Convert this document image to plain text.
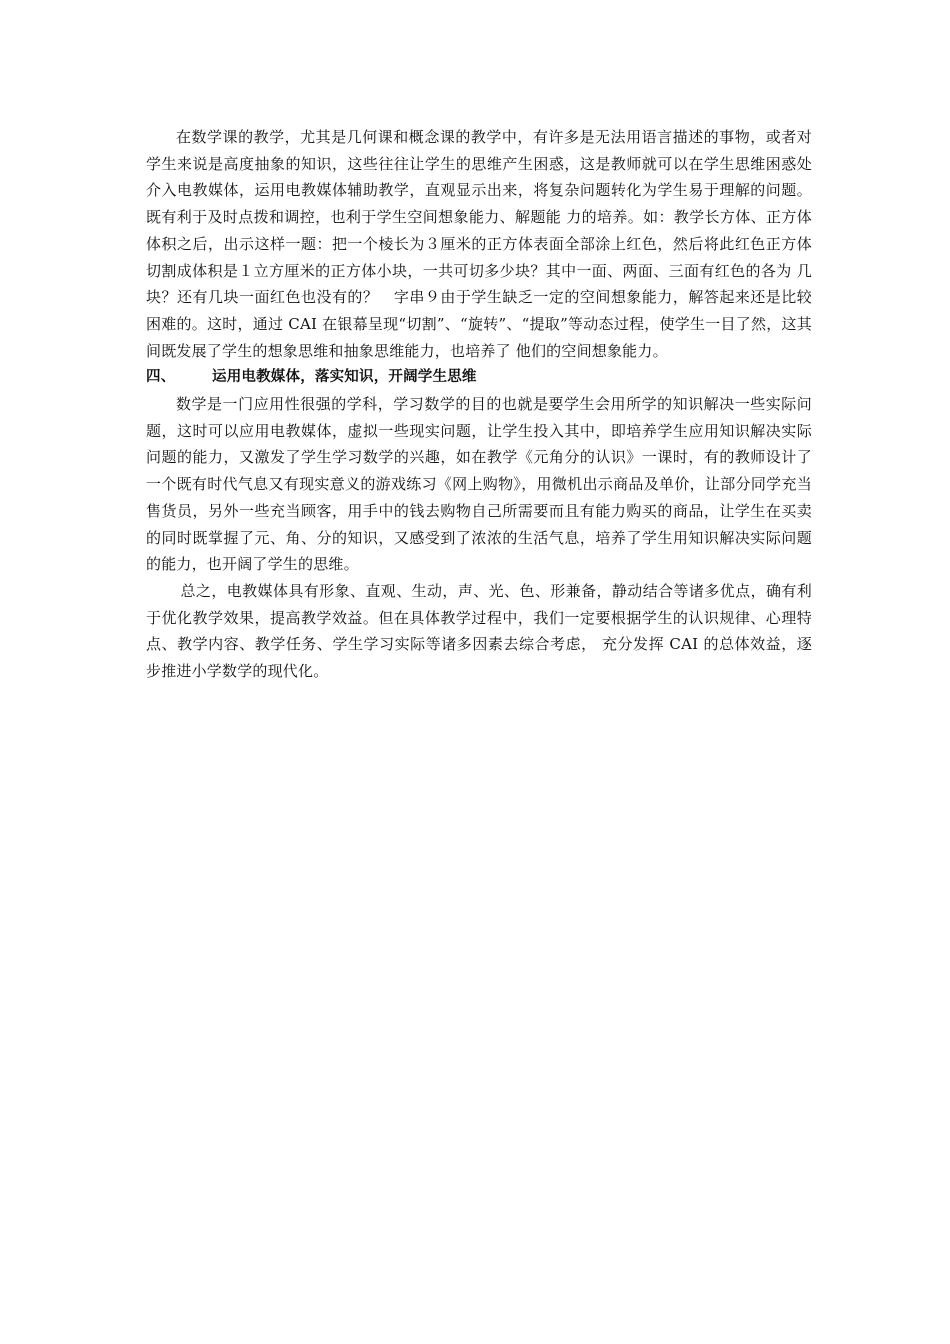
在数学课的教学，尤其是几何课和概念课的教学中，有许多是无法用语言描述的事物，或者对学生来说是高度抽象的知识，这些往往让学生的思维产生困惑，这是教师就可以在学生思维困惑处介入电教媒体，运用电教媒体辅助教学，直观显示出来，将复杂问题转化为学生易于理解的问题。既有利于及时点拨和调控，也利于学生空间想象能力、解题能 力的培养。如：教学长方体、正方体体积之后，出示这样一题：把一个棱长为３厘米的正方体表面全部涂上红色，然后将此红色正方体切割成体积是１立方厘米的正方体小块，一共可切多少块？其中一面、两面、三面有红色的各为 几块？还有几块一面红色也没有的？　字串９由于学生缺乏一定的空间想象能力，解答起来还是比较困难的。这时，通过 CAI 在银幕呈现“切割”、“旋转”、“提取”等动态过程，使学生一目了然，这其间既发展了学生的想象思维和抽象思维能力，也培养了 他们的空间想象能力。

四、	运用电教媒体，落实知识，开阔学生思维

数学是一门应用性很强的学科，学习数学的目的也就是要学生会用所学的知识解决一些实际问题，这时可以应用电教媒体，虚拟一些现实问题，让学生投入其中，即培养学生应用知识解决实际问题的能力，又激发了学生学习数学的兴趣，如在教学《元角分的认识》一课时，有的教师设计了一个既有时代气息又有现实意义的游戏练习《网上购物》，用微机出示商品及单价，让部分同学充当售货员，另外一些充当顾客，用手中的钱去购物自己所需要而且有能力购买的商品，让学生在买卖的同时既掌握了元、角、分的知识，又感受到了浓浓的生活气息，培养了学生用知识解决实际问题的能力，也开阔了学生的思维。

总之，电教媒体具有形象、直观、生动，声、光、色、形兼备，静动结合等诸多优点，确有利于优化教学效果，提高教学效益。但在具体教学过程中，我们一定要根据学生的认识规律、心理特点、教学内容、教学任务、学生学习实际等诸多因素去综合考虑， 充分发挥 CAI 的总体效益，逐步推进小学数学的现代化。
